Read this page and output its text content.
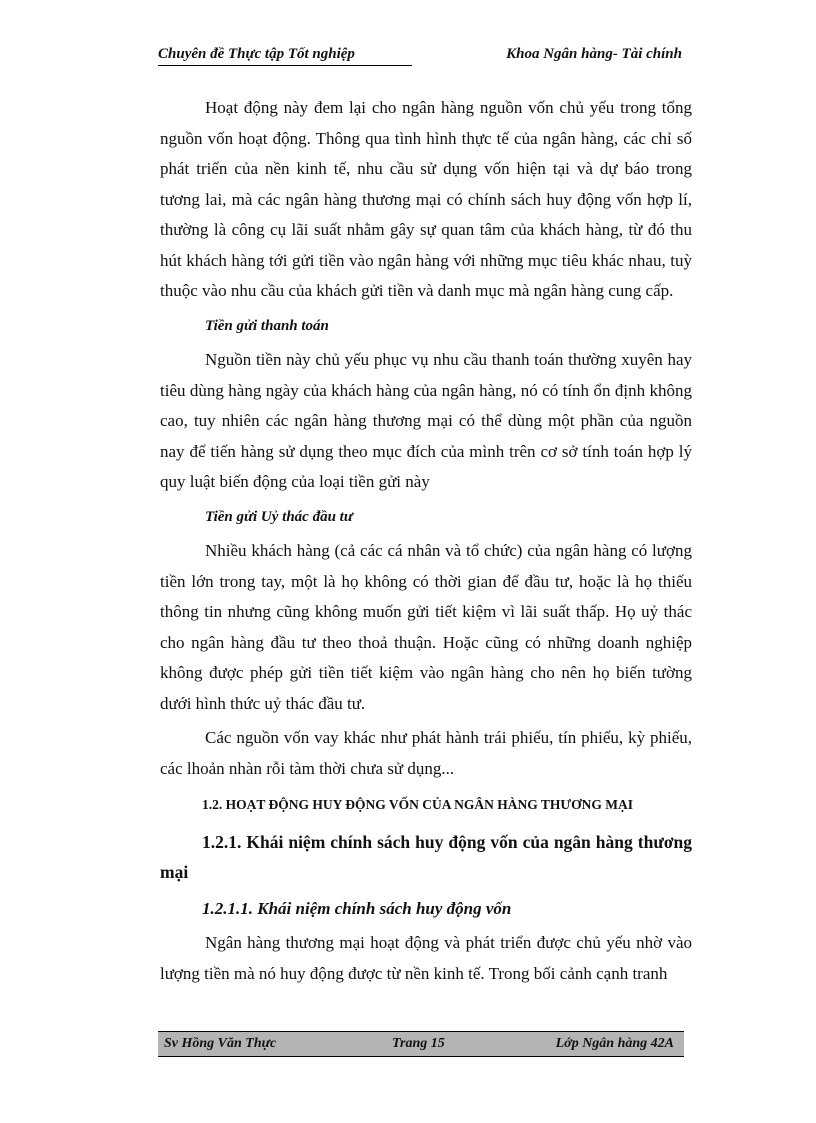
Chuyên đề Thực tập Tốt nghiệp	Khoa Ngân hàng- Tài chính

Hoạt động này đem lại cho ngân hàng nguồn vốn chủ yếu trong tổng nguồn vốn hoạt động. Thông qua tình hình thực tế của ngân hàng, các chỉ số phát triển của nền kinh tế, nhu cầu sử dụng vốn hiện tại và dự báo trong tương lai, mà các ngân hàng thương mại có chính sách huy động vốn hợp lí, thường là công cụ lãi suất nhằm gây sự quan tâm của khách hàng, từ đó thu hút khách hàng tới gửi tiền vào ngân hàng với những mục tiêu khác nhau, tuỳ thuộc vào nhu cầu của khách gửi tiền và danh mục mà ngân hàng cung cấp.

Tiền gửi thanh toán

Nguồn tiền này chủ yếu phục vụ nhu cầu thanh toán thường xuyên hay tiêu dùng hàng ngày của khách hàng của ngân hàng, nó có tính ổn định không cao, tuy nhiên các ngân hàng thương mại có thể dùng một phần của nguồn nay để tiến hàng sử dụng theo mục đích của mình trên cơ sở tính toán hợp lý quy luật biến động của loại tiền gửi này

Tiền gửi Uỷ thác đầu tư

Nhiều khách hàng (cả các cá nhân và tổ chức) của ngân hàng có lượng tiền lớn trong tay, một là họ không có thời gian để đầu tư, hoặc là họ thiếu thông tin nhưng cũng không muốn gửi tiết kiệm vì lãi suất thấp. Họ uỷ thác cho ngân hàng đầu tư theo thoả thuận. Hoặc cũng có những doanh nghiệp không được phép gửi tiền tiết kiệm vào ngân hàng cho nên họ biến tường dưới hình thức uỷ thác đầu tư.

Các nguồn vốn vay khác như phát hành trái phiếu, tín phiếu, kỳ phiếu, các lhoản nhàn rỗi tàm thời chưa sử dụng...

1.2. HOẠT ĐỘNG HUY ĐỘNG VỐN CỦA NGÂN HÀNG THƯƠNG MẠI

1.2.1. Khái niệm chính sách huy động vốn của ngân hàng thương mại

1.2.1.1. Khái niệm chính sách huy động vốn

Ngân hàng thương mại hoạt động và phát triển được chủ yếu nhờ vào lượng tiền mà nó huy động được từ nền kinh tế. Trong bối cảnh cạnh tranh

Sv Hồng Văn Thực	Trang 15	Lớp Ngân hàng 42A
